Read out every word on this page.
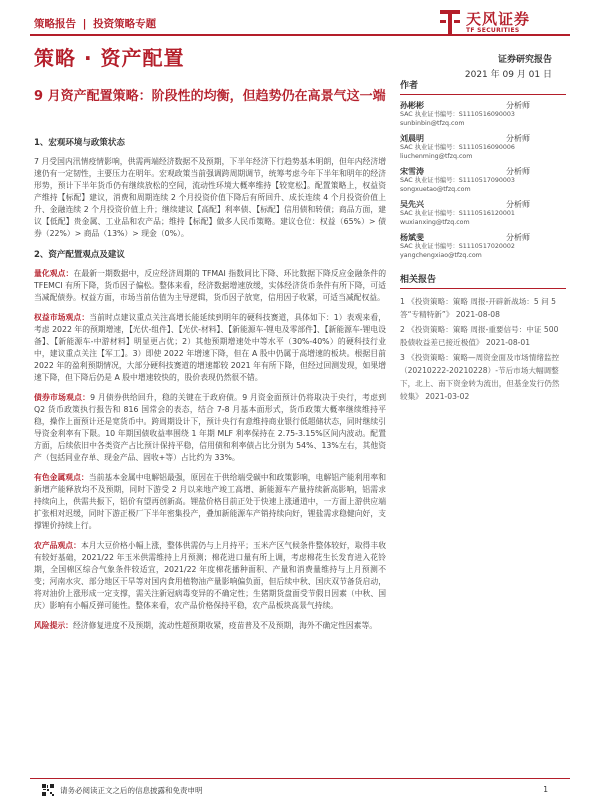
策略报告 | 投资策略专题	天风证券
TF SECURITIES
策略 · 资产配置	证券研究报告
2021 年 09 月 01 日
9 月资产配置策略：阶段性的均衡，但趋势仍在高景气这一端
1、宏观环境与政策状态

7 月受国内汛情疫情影响，供需两端经济数据不及预期，下半年经济下行趋势基本明朗，但年内经济增速仍有一定韧性，主要压力在明年。宏观政策当前强调跨周期调节，统筹考虑今年下半年和明年的经济形势，预计下半年货币仍有继续放松的空间，流动性环境大概率维持【较宽松】。配置策略上，权益资产维持【标配】建议，消费和周期连续 2 个月投资价值下降后有所回升、成长连续 4 个月投资价值上升、金融连续 2 个月投资价值上升；继续建议【高配】利率债、【标配】信用债和转债；商品方面，建议【低配】贵金属、工业品和农产品；维持【标配】做多人民币策略。建议仓位：权益（65%）> 债券（22%）> 商品（13%）> 现金（0%）。

2、资产配置观点及建议

量化观点：在最新一期数据中，反应经济周期的 TFMAI 指数同比下降、环比数据下降反应金融条件的 TFEMCI 有所下降，货币因子偏松。整体来看，经济数据增速放缓，实体经济货币条件有所下降，可适当减配债券。权益方面，市场当前估值为主导逻辑，货币因子放宽，信用因子收紧，可适当减配权益。

权益市场观点：当前时点建议重点关注高增长能延续到明年的硬科技赛道，具体如下：1）表观来看，考虑 2022 年的预期增速，【光伏-组件】、【光伏-材料】、【新能源车-锂电及零部件】、【新能源车-锂电设备】、【新能源车-中游材料】明显更占优；2）其他预期增速处中等水平（30%-40%）的硬科技行业中，建议重点关注【军工】。3）即使 2022 年增速下降，但在 A 股中仍属于高增速的板块。根据目前 2022 年的盈利预期情况，大部分硬科技赛道的增速都较 2021 年有所下降，但经过回测发现，如果增速下降，但下降后仍是 A 股中增速较快的，股价表现仍然很不错。

债券市场观点：9 月债券供给回升，稳的关键在于政府债。9 月资金面预计仍将取决于央行，考虑到 Q2 货币政策执行报告和 816 国常会的表态，结合 7-8 月基本面形式，货币政策大概率继续维持平稳，操作上面预计还是宽货币中。跨周期设计下，预计央行有意维持商业银行低超储状态，同时继续引导资金利率有下限。10 年期国债收益率围绕 1 年期 MLF 利率保持在 2.75-3.15%区间内波动。配置方面，后续依旧中各类资产占比预计保持平稳，信用债和利率债占比分别为 54%、13%左右，其他资产（包括同业存单、现金产品、固收+等）占比约为 33%。

有色金属观点：当前基本金属中电解铝最强，原因在于供给端受碳中和政策影响，电解铝产能利用率和新增产能释放均不及预期，同时下游受 2 月以来地产竣工高增、新能源车产量持续新高影响，铝需求持续向上，供需共振下，铝价有望再创新高。锂盐价格目前正处于快速上涨通道中，一方面上游供应端扩张相对迟缓，同时下游正极厂下半年密集投产，叠加新能源车产销持续向好，锂盐需求稳健向好，支撑锂价持续上行。

农产品观点：本月大豆价格小幅上涨，整体供需仍与上月持平；玉米产区气候条件整体较好，取得丰收有较好基础，2021/22 年玉米供需维持上月预测；棉花进口量有所上调，考虑棉花生长发育进入花铃期，全国棉区综合气象条件较适宜，2021/22 年度棉花播种面积、产量和消费量维持与上月预测不变；河南水灾、部分地区干旱等对国内食用植物油产量影响偏负面，但后续中秋、国庆双节备货启动，将对油价上涨形成一定支撑，需关注新冠病毒变异的不确定性；生猪期货盘面受节假日因素（中秋、国庆）影响有小幅反弹可能性。整体来看，农产品价格保持平稳，农产品板块高景气持续。

风险提示：经济修复进度不及预期，流动性超预期收紧，疫苗普及不及预期，海外不确定性因素等。

作者
孙彬彬	分析师
SAC 执业证书编号：S1110516090003
sunbinbin@tfzq.com
刘晨明	分析师
SAC 执业证书编号：S1110516090006
liuchenming@tfzq.com
宋雪涛	分析师
SAC 执业证书编号：S1110517090003
songxuetao@tfzq.com
吴先兴	分析师
SAC 执业证书编号：S1110516120001
wuxianxing@tfzq.com
杨斌斐	分析师
SAC 执业证书编号：S1110517020002
yangchengxiao@tfzq.com
相关报告
1 《投资策略：策略 周报-开辟新战场：5 问 5 答“专精特新”》 2021-08-08
2 《投资策略：策略 周报-重要信号：中证 500 股债收益差已接近极值》 2021-08-01
3 《投资策略：策略—周资金面及市场情绪监控（20210222-20210228）-节后市场大幅调整下，北上、南下资金转为流出，但基金发行仍然较集》 2021-03-02
请务必阅读正文之后的信息披露和免责申明	1
